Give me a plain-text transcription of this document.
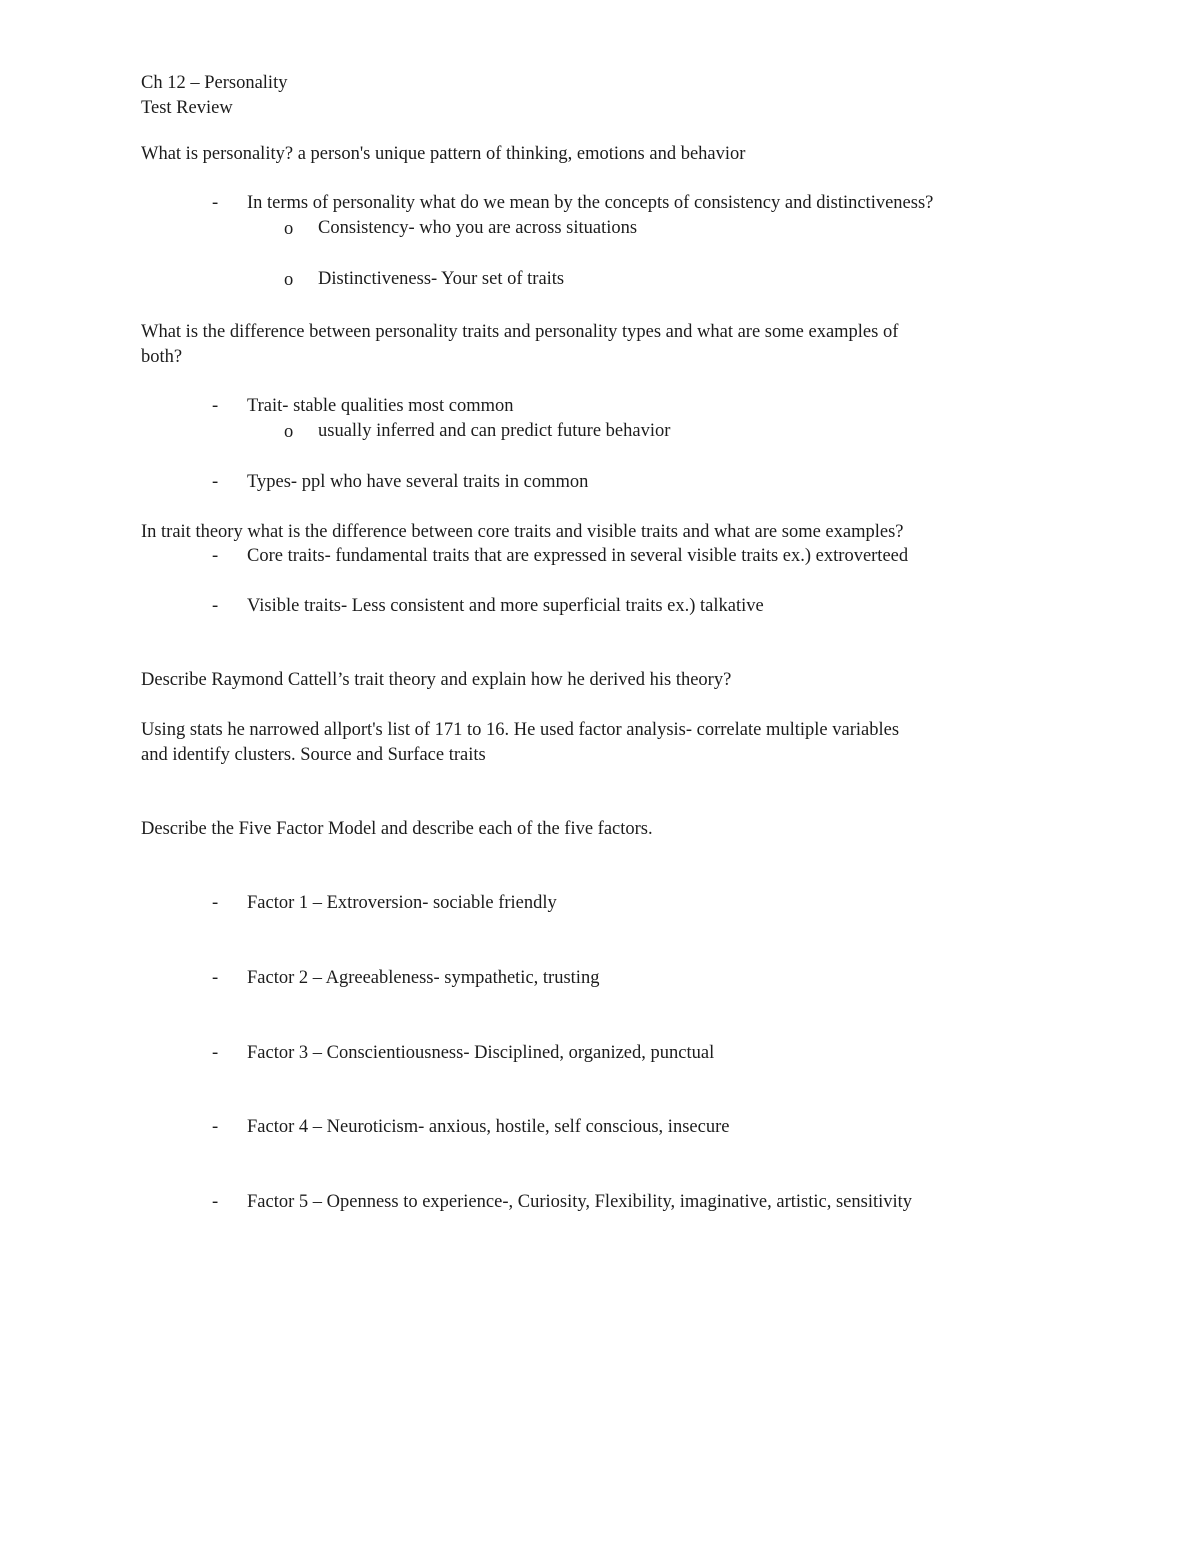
Ch 12 – Personality
Test Review
What is personality? a person's unique pattern of thinking, emotions and behavior
- In terms of personality what do we mean by the concepts of consistency and distinctiveness?
o Consistency- who you are across situations
o Distinctiveness- Your set of traits
What is the difference between personality traits and personality types and what are some examples of
both?
- Trait- stable qualities most common
o usually inferred and can predict future behavior
- Types- ppl who have several traits in common
In trait theory what is the difference between core traits and visible traits and what are some examples?
- Core traits- fundamental traits that are expressed in several visible traits ex.) extroverteed
- Visible traits- Less consistent and more superficial traits ex.) talkative
Describe Raymond Cattell’s trait theory and explain how he derived his theory?
Using stats he narrowed allport's list of 171 to 16. He used factor analysis- correlate multiple variables
and identify clusters. Source and Surface traits
Describe the Five Factor Model and describe each of the five factors.
- Factor 1 – Extroversion- sociable friendly
- Factor 2 – Agreeableness- sympathetic, trusting
- Factor 3 – Conscientiousness- Disciplined, organized, punctual
- Factor 4 – Neuroticism- anxious, hostile, self conscious, insecure
- Factor 5 – Openness to experience-, Curiosity, Flexibility, imaginative, artistic, sensitivity
